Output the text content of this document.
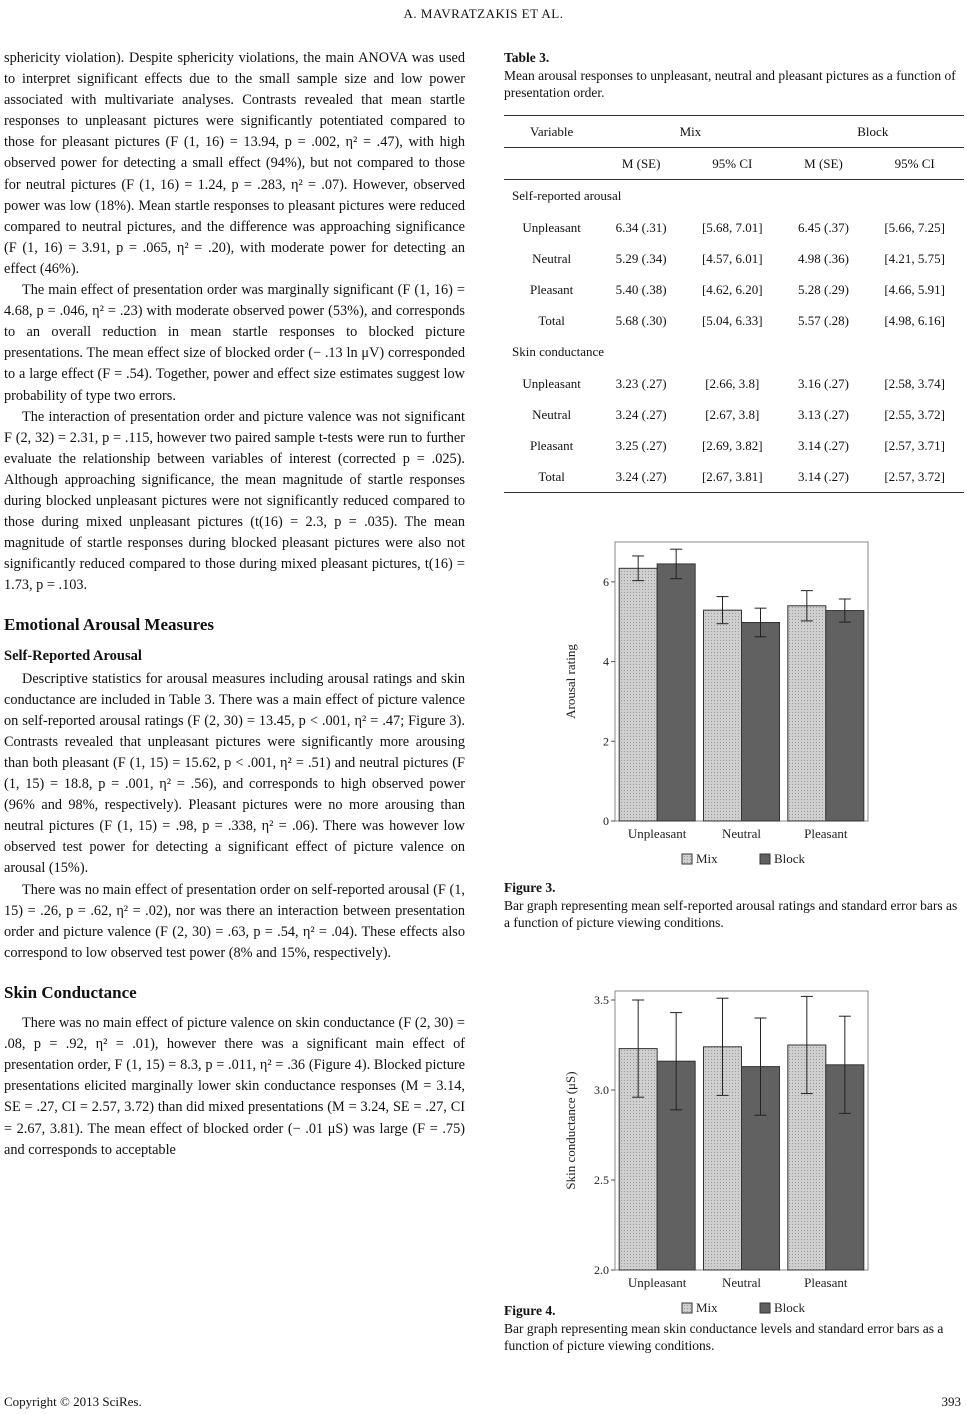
A. MAVRATZAKIS ET AL.

sphericity violation). Despite sphericity violations, the main ANOVA was used to interpret significant effects due to the small sample size and low power associated with multivariate analyses. Contrasts revealed that mean startle responses to unpleasant pictures were significantly potentiated compared to those for pleasant pictures (F (1, 16) = 13.94, p = .002, η² = .47), with high observed power for detecting a small effect (94%), but not compared to those for neutral pictures (F (1, 16) = 1.24, p = .283, η² = .07). However, observed power was low (18%). Mean startle responses to pleasant pictures were reduced compared to neutral pictures, and the difference was approaching significance (F (1, 16) = 3.91, p = .065, η² = .20), with moderate power for detecting an effect (46%).

The main effect of presentation order was marginally significant (F (1, 16) = 4.68, p = .046, η² = .23) with moderate observed power (53%), and corresponds to an overall reduction in mean startle responses to blocked picture presentations. The mean effect size of blocked order (− .13 ln μV) corresponded to a large effect (F = .54). Together, power and effect size estimates suggest low probability of type two errors.

The interaction of presentation order and picture valence was not significant F (2, 32) = 2.31, p = .115, however two paired sample t-tests were run to further evaluate the relationship between variables of interest (corrected p = .025). Although approaching significance, the mean magnitude of startle responses during blocked unpleasant pictures were not significantly reduced compared to those during mixed unpleasant pictures (t(16) = 2.3, p = .035). The mean magnitude of startle responses during blocked pleasant pictures were also not significantly reduced compared to those during mixed pleasant pictures, t(16) = 1.73, p = .103.

Emotional Arousal Measures
Self-Reported Arousal

Descriptive statistics for arousal measures including arousal ratings and skin conductance are included in Table 3. There was a main effect of picture valence on self-reported arousal ratings (F (2, 30) = 13.45, p < .001, η² = .47; Figure 3). Contrasts revealed that unpleasant pictures were significantly more arousing than both pleasant (F (1, 15) = 15.62, p < .001, η² = .51) and neutral pictures (F (1, 15) = 18.8, p = .001, η² = .56), and corresponds to high observed power (96% and 98%, respectively). Pleasant pictures were no more arousing than neutral pictures (F (1, 15) = .98, p = .338, η² = .06). There was however low observed test power for detecting a significant effect of picture valence on arousal (15%).

There was no main effect of presentation order on self-reported arousal (F (1, 15) = .26, p = .62, η² = .02), nor was there an interaction between presentation order and picture valence (F (2, 30) = .63, p = .54, η² = .04). These effects also correspond to low observed test power (8% and 15%, respectively).

Skin Conductance

There was no main effect of picture valence on skin conductance (F (2, 30) = .08, p = .92, η² = .01), however there was a significant main effect of presentation order, F (1, 15) = 8.3, p = .011, η² = .36 (Figure 4). Blocked picture presentations elicited marginally lower skin conductance responses (M = 3.14, SE = .27, CI = 2.57, 3.72) than did mixed presentations (M = 3.24, SE = .27, CI = 2.67, 3.81). The mean effect of blocked order (− .01 μS) was large (F = .75) and corresponds to acceptable

Table 3.
Mean arousal responses to unpleasant, neutral and pleasant pictures as a function of presentation order.
Variable	Mix		Block	
	M (SE)	95% CI	M (SE)	95% CI
Self-reported arousal				
Unpleasant	6.34 (.31)	[5.68, 7.01]	6.45 (.37)	[5.66, 7.25]
Neutral	5.29 (.34)	[4.57, 6.01]	4.98 (.36)	[4.21, 5.75]
Pleasant	5.40 (.38)	[4.62, 6.20]	5.28 (.29)	[4.66, 5.91]
Total	5.68 (.30)	[5.04, 6.33]	5.57 (.28)	[4.98, 6.16]
Skin conductance				
Unpleasant	3.23 (.27)	[2.66, 3.8]	3.16 (.27)	[2.58, 3.74]
Neutral	3.24 (.27)	[2.67, 3.8]	3.13 (.27)	[2.55, 3.72]
Pleasant	3.25 (.27)	[2.69, 3.82]	3.14 (.27)	[2.57, 3.71]
Total	3.24 (.27)	[2.67, 3.81]	3.14 (.27)	[2.57, 3.72]
0
2
4
6
Arousal rating
Unpleasant	Neutral	Pleasant
Mix	Block
Figure 3.
Bar graph representing mean self-reported arousal ratings and standard error bars as a function of picture viewing conditions.
2.0
2.5
3.0
3.5
Skin conductance (μS)
Unpleasant	Neutral	Pleasant
Mix	Block
Figure 4.
Bar graph representing mean skin conductance levels and standard error bars as a function of picture viewing conditions.
Copyright © 2013 SciRes.	393
